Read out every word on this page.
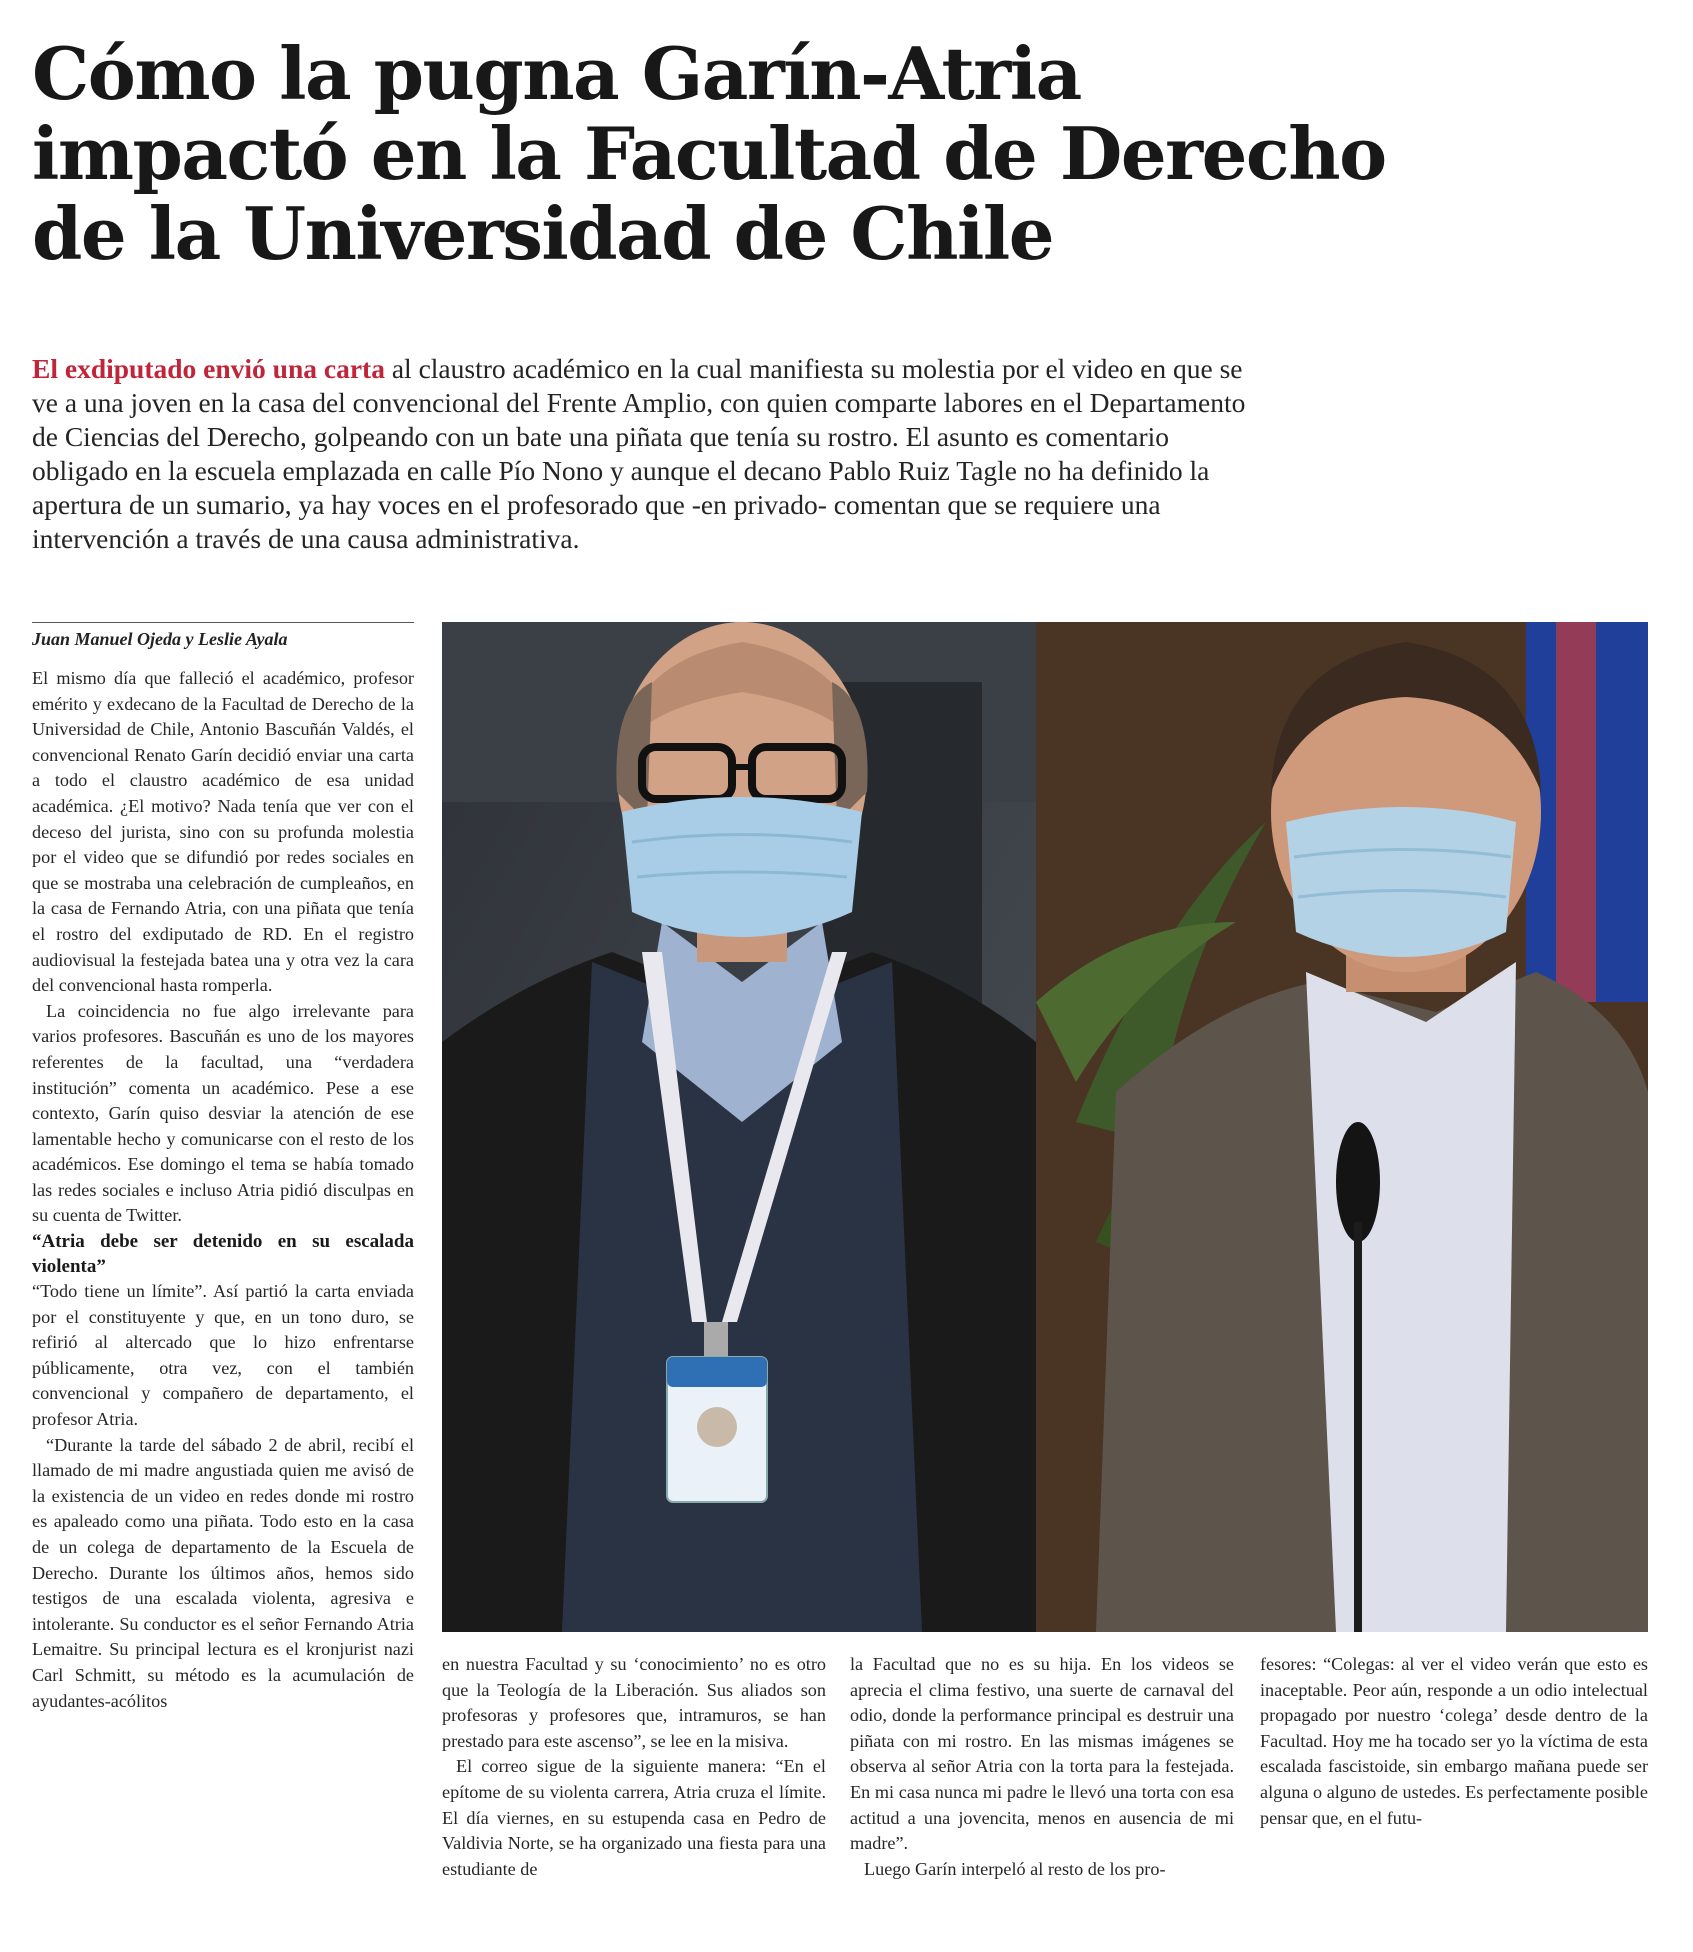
Cómo la pugna Garín-Atria
impactó en la Facultad de Derecho
de la Universidad de Chile
El exdiputado envió una carta al claustro académico en la cual manifiesta su molestia por el video en que se
ve a una joven en la casa del convencional del Frente Amplio, con quien comparte labores en el Departamento
de Ciencias del Derecho, golpeando con un bate una piñata que tenía su rostro. El asunto es comentario
obligado en la escuela emplazada en calle Pío Nono y aunque el decano Pablo Ruiz Tagle no ha definido la
apertura de un sumario, ya hay voces en el profesorado que -en privado- comentan que se requiere una
intervención a través de una causa administrativa.
Juan Manuel Ojeda y Leslie Ayala

El mismo día que falleció el académico, profesor emérito y exdecano de la Facultad de Derecho de la Universidad de Chile, Antonio Bascuñán Valdés, el convencional Renato Garín decidió enviar una carta a todo el claustro académico de esa unidad académica. ¿El motivo? Nada tenía que ver con el deceso del jurista, sino con su profunda molestia por el video que se difundió por redes sociales en que se mostraba una celebración de cumpleaños, en la casa de Fernando Atria, con una piñata que tenía el rostro del exdiputado de RD. En el registro audiovisual la festejada batea una y otra vez la cara del convencional hasta romperla.

La coincidencia no fue algo irrelevante para varios profesores. Bascuñán es uno de los mayores referentes de la facultad, una “verdadera institución” comenta un académico. Pese a ese contexto, Garín quiso desviar la atención de ese lamentable hecho y comunicarse con el resto de los académicos. Ese domingo el tema se había tomado las redes sociales e incluso Atria pidió disculpas en su cuenta de Twitter.

“Atria debe ser detenido en su escalada violenta”

“Todo tiene un límite”. Así partió la carta enviada por el constituyente y que, en un tono duro, se refirió al altercado que lo hizo enfrentarse públicamente, otra vez, con el también convencional y compañero de departamento, el profesor Atria.

“Durante la tarde del sábado 2 de abril, recibí el llamado de mi madre angustiada quien me avisó de la existencia de un video en redes donde mi rostro es apaleado como una piñata. Todo esto en la casa de un colega de departamento de la Escuela de Derecho. Durante los últimos años, hemos sido testigos de una escalada violenta, agresiva e intolerante. Su conductor es el señor Fernando Atria Lemaitre. Su principal lectura es el kronjurist nazi Carl Schmitt, su método es la acumulación de ayudantes-acólitos

en nuestra Facultad y su ‘conocimiento’ no es otro que la Teología de la Liberación. Sus aliados son profesoras y profesores que, intramuros, se han prestado para este ascenso”, se lee en la misiva.

El correo sigue de la siguiente manera: “En el epítome de su violenta carrera, Atria cruza el límite. El día viernes, en su estupenda casa en Pedro de Valdivia Norte, se ha organizado una fiesta para una estudiante de

la Facultad que no es su hija. En los videos se aprecia el clima festivo, una suerte de carnaval del odio, donde la performance principal es destruir una piñata con mi rostro. En las mismas imágenes se observa al señor Atria con la torta para la festejada. En mi casa nunca mi padre le llevó una torta con esa actitud a una jovencita, menos en ausencia de mi madre”.

Luego Garín interpeló al resto de los pro-

fesores: “Colegas: al ver el video verán que esto es inaceptable. Peor aún, responde a un odio intelectual propagado por nuestro ‘colega’ desde dentro de la Facultad. Hoy me ha tocado ser yo la víctima de esta escalada fascistoide, sin embargo mañana puede ser alguna o alguno de ustedes. Es perfectamente posible pensar que, en el futu-
